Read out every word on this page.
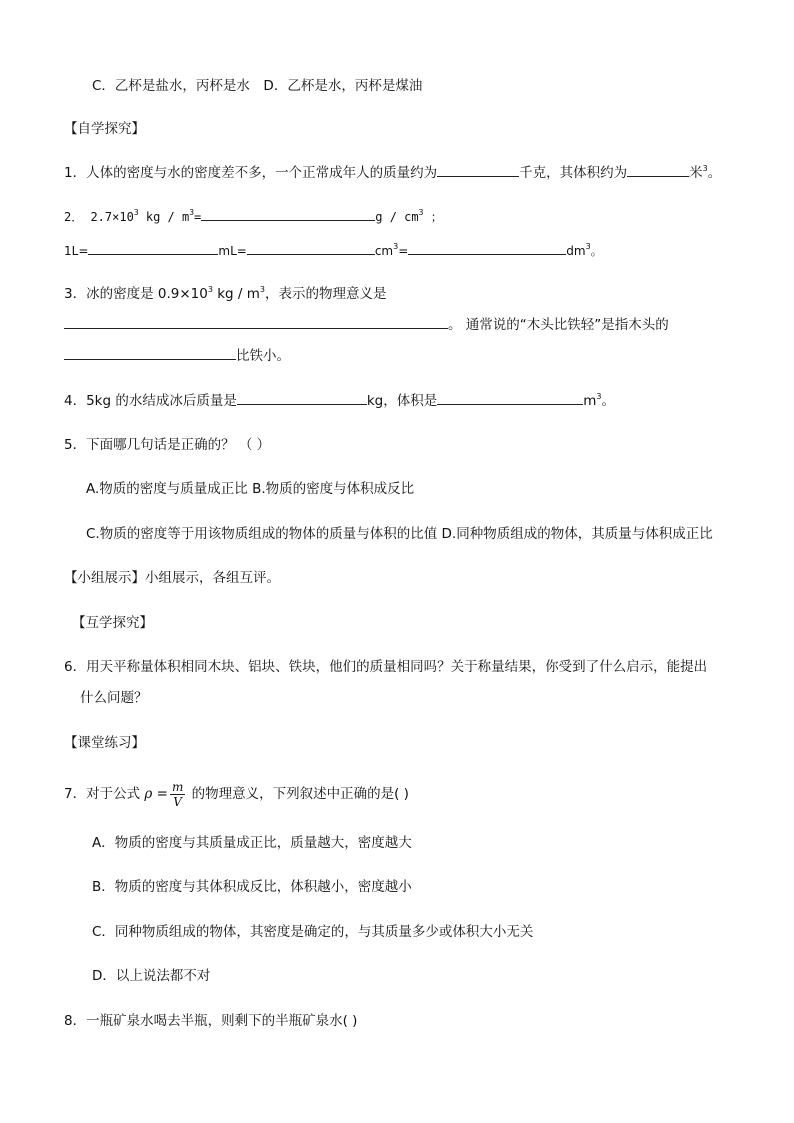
C．乙杯是盐水，丙杯是水　D．乙杯是水，丙杯是煤油
【自学探究】
1．人体的密度与水的密度差不多，一个正常成年人的质量约为	千克，其体积约为	米$^3$。
2． $2.7\times 10^3$ kg / $m^3=$	g / $cm^3$ ；
1L=	mL=	$cm^3=$	$dm^3$。
3．冰的密度是 $0.9\times 10^3$ kg / $m^3$，表示的物理意义是
。 通常说的“木头比铁轻”是指木头的
比铁小。
4．5kg 的水结成冰后质量是	kg，体积是	$m^3$。
5．下面哪几句话是正确的？ （ ）
A.物质的密度与质量成正比 B.物质的密度与体积成反比
C.物质的密度等于用该物质组成的物体的质量与体积的比值 D.同种物质组成的物体，其质量与体积成正比
【小组展示】小组展示，各组互评。
【互学探究】
6．用天平称量体积相同木块、铝块、铁块，他们的质量相同吗？关于称量结果，你受到了什么启示，能提出
什么问题？
【课堂练习】
7．对于公式 $\rho = \frac{m}{V}$ 的物理意义，下列叙述中正确的是( )
A．物质的密度与其质量成正比，质量越大，密度越大
B．物质的密度与其体积成反比，体积越小，密度越小
C．同种物质组成的物体，其密度是确定的，与其质量多少或体积大小无关
D．以上说法都不对
8．一瓶矿泉水喝去半瓶，则剩下的半瓶矿泉水( )
